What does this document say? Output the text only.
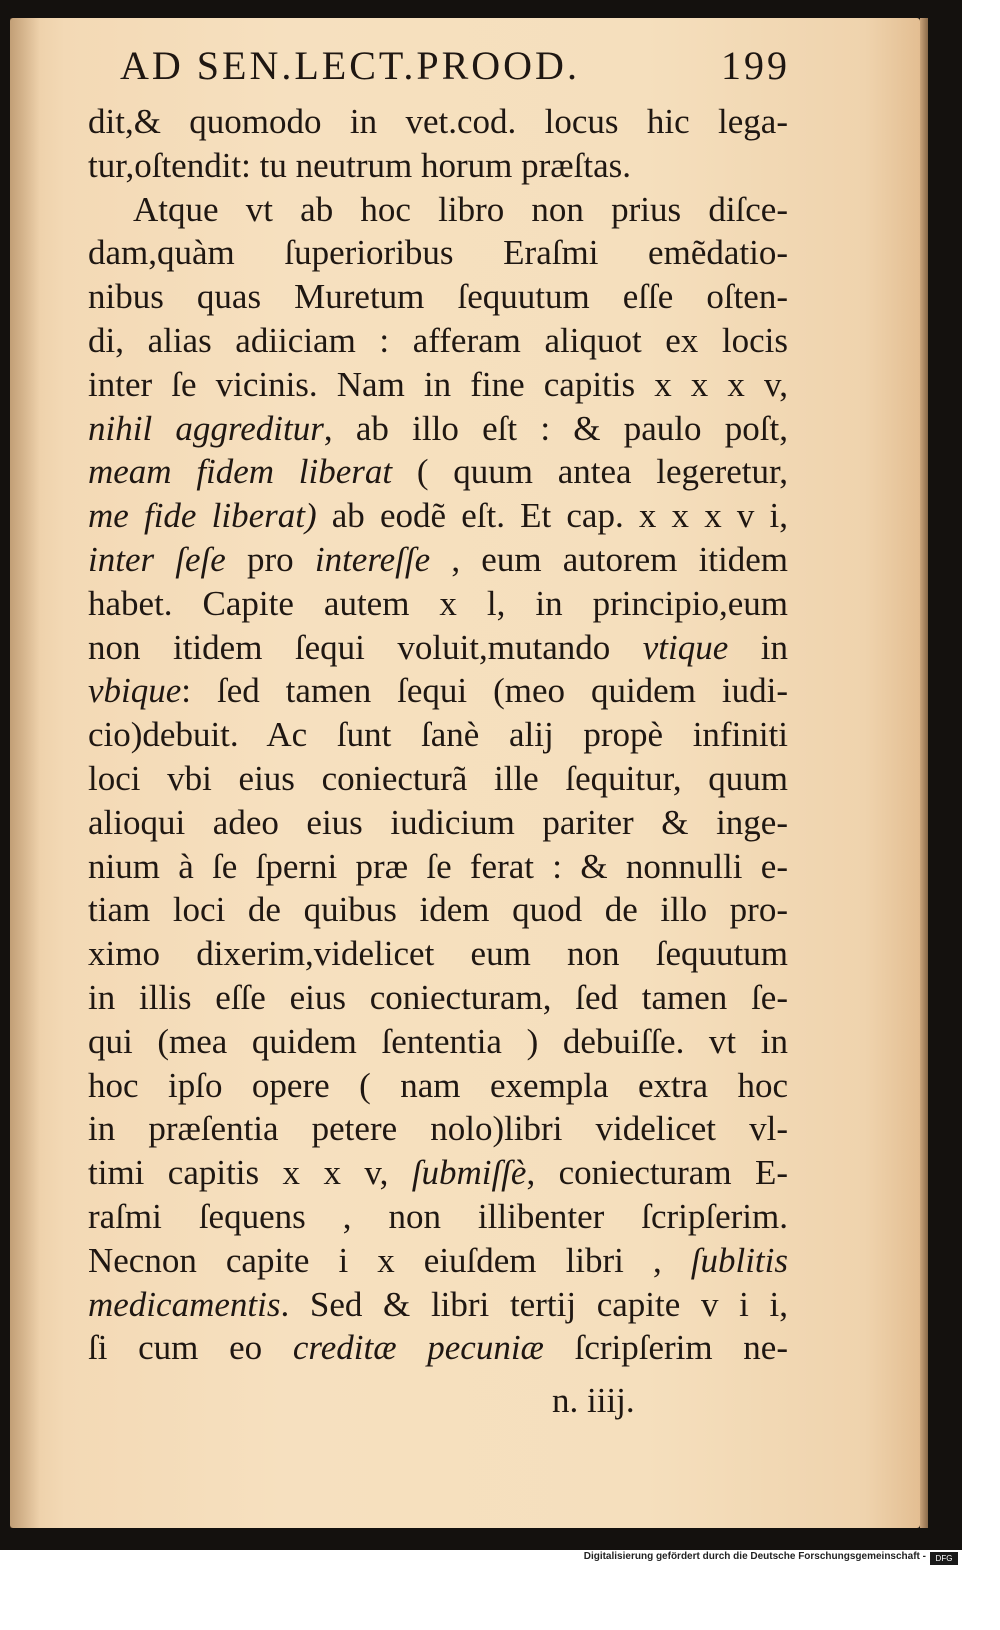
AD SEN.LECT.PROOD.	199
dit,& quomodo in vet.cod. locus hic lega-
tur,oſtendit: tu neutrum horum præſtas.
Atque vt ab hoc libro non prius diſce-
dam,quàm ſuperioribus Eraſmi emẽdatio-
nibus quas Muretum ſequutum eſſe oſten-
di, alias adiiciam : afferam aliquot ex locis
inter ſe vicinis. Nam in fine capitis x x x v,
nihil aggreditur, ab illo eſt : & paulo poſt,
meam fidem liberat ( quum antea legeretur,
me fide liberat) ab eodẽ eſt. Et cap. x x x v i,
inter ſeſe pro intereſſe , eum autorem itidem
habet. Capite autem x l, in principio,eum
non itidem ſequi voluit,mutando vtique in
vbique: ſed tamen ſequi (meo quidem iudi-
cio)debuit. Ac ſunt ſanè alij propè infiniti
loci vbi eius coniecturã ille ſequitur, quum
alioqui adeo eius iudicium pariter & inge-
nium à ſe ſperni præ ſe ferat : & nonnulli e-
tiam loci de quibus idem quod de illo pro-
ximo dixerim,videlicet eum non ſequutum
in illis eſſe eius coniecturam, ſed tamen ſe-
qui (mea quidem ſententia ) debuiſſe. vt in
hoc ipſo opere ( nam exempla extra hoc
in præſentia petere nolo)libri videlicet vl-
timi capitis x x v, ſubmiſſè, coniecturam E-
raſmi ſequens , non illibenter ſcripſerim.
Necnon capite i x eiuſdem libri , ſublitis
medicamentis. Sed & libri tertij capite v i i,
ſi cum eo creditæ pecuniæ ſcripſerim ne-
n. iiij.
Digitalisierung gefördert durch die Deutsche Forschungsgemeinschaft -	DFG
